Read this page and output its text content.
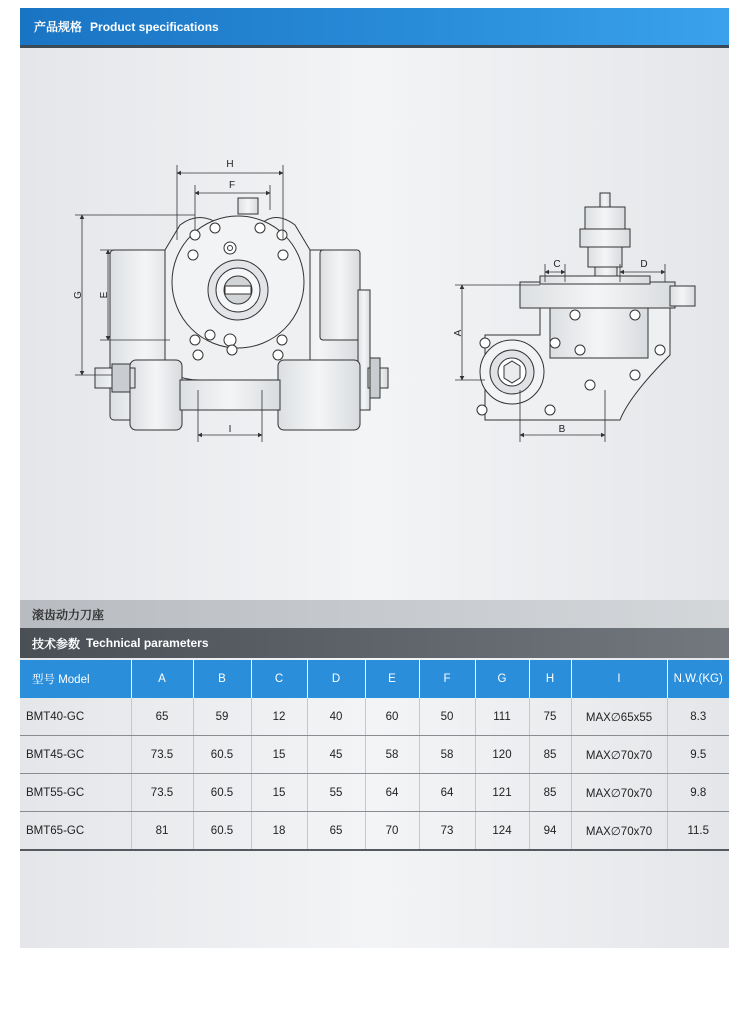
产品规格 Product specifications
H
F
G E
I
A
B
C	D
滚齿动力刀座
技术参数 Technical parameters
型号 Model	A	B	C	D	E	F	G	H	I	N.W.(KG)
BMT40-GC	65	59	12	40	60	50	111	75	MAX∅65x55	8.3
BMT45-GC	73.5	60.5	15	45	58	58	120	85	MAX∅70x70	9.5
BMT55-GC	73.5	60.5	15	55	64	64	121	85	MAX∅70x70	9.8
BMT65-GC	81	60.5	18	65	70	73	124	94	MAX∅70x70	11.5
